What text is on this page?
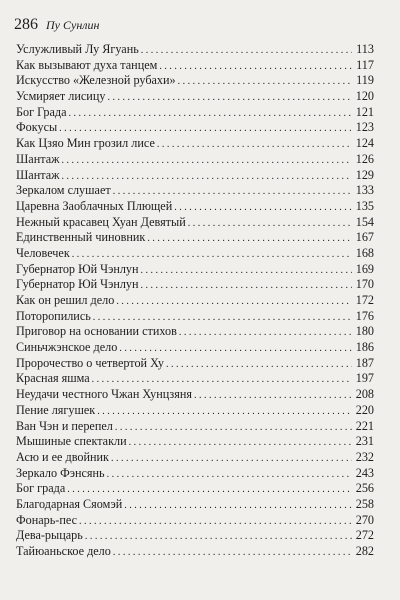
286 Пу Сунлин
Услужливый Лу Ягуань . . .	113
Как вызывают духа танцем . . .	117
Искусство «Железной рубахи» . . .	119
Усмиряет лисицу . . .	120
Бог Града . . .	121
Фокусы . . .	123
Как Цзяо Мин грозил лисе . . .	124
Шантаж . . .	126
Шантаж . . .	129
Зеркалом слушает . . .	133
Царевна Заоблачных Плющей . . .	135
Нежный красавец Хуан Девятый . . .	154
Единственный чиновник . . .	167
Человечек . . .	168
Губернатор Юй Чэнлун . . .	169
Губернатор Юй Чэнлун . . .	170
Как он решил дело . . .	172
Поторопились . . .	176
Приговор на основании стихов . . .	180
Синьчжэнское дело . . .	186
Пророчество о четвертой Ху . . .	187
Красная яшма . . .	197
Неудачи честного Чжан Хунцзяня . . .	208
Пение лягушек . . .	220
Ван Чэн и перепел . . .	221
Мышиные спектакли . . .	231
Асю и ее двойник . . .	232
Зеркало Фэнсянь . . .	243
Бог града . . .	256
Благодарная Сяомэй . . .	258
Фонарь-пес . . .	270
Дева-рыцарь . . .	272
Тайюаньское дело . . .	282
